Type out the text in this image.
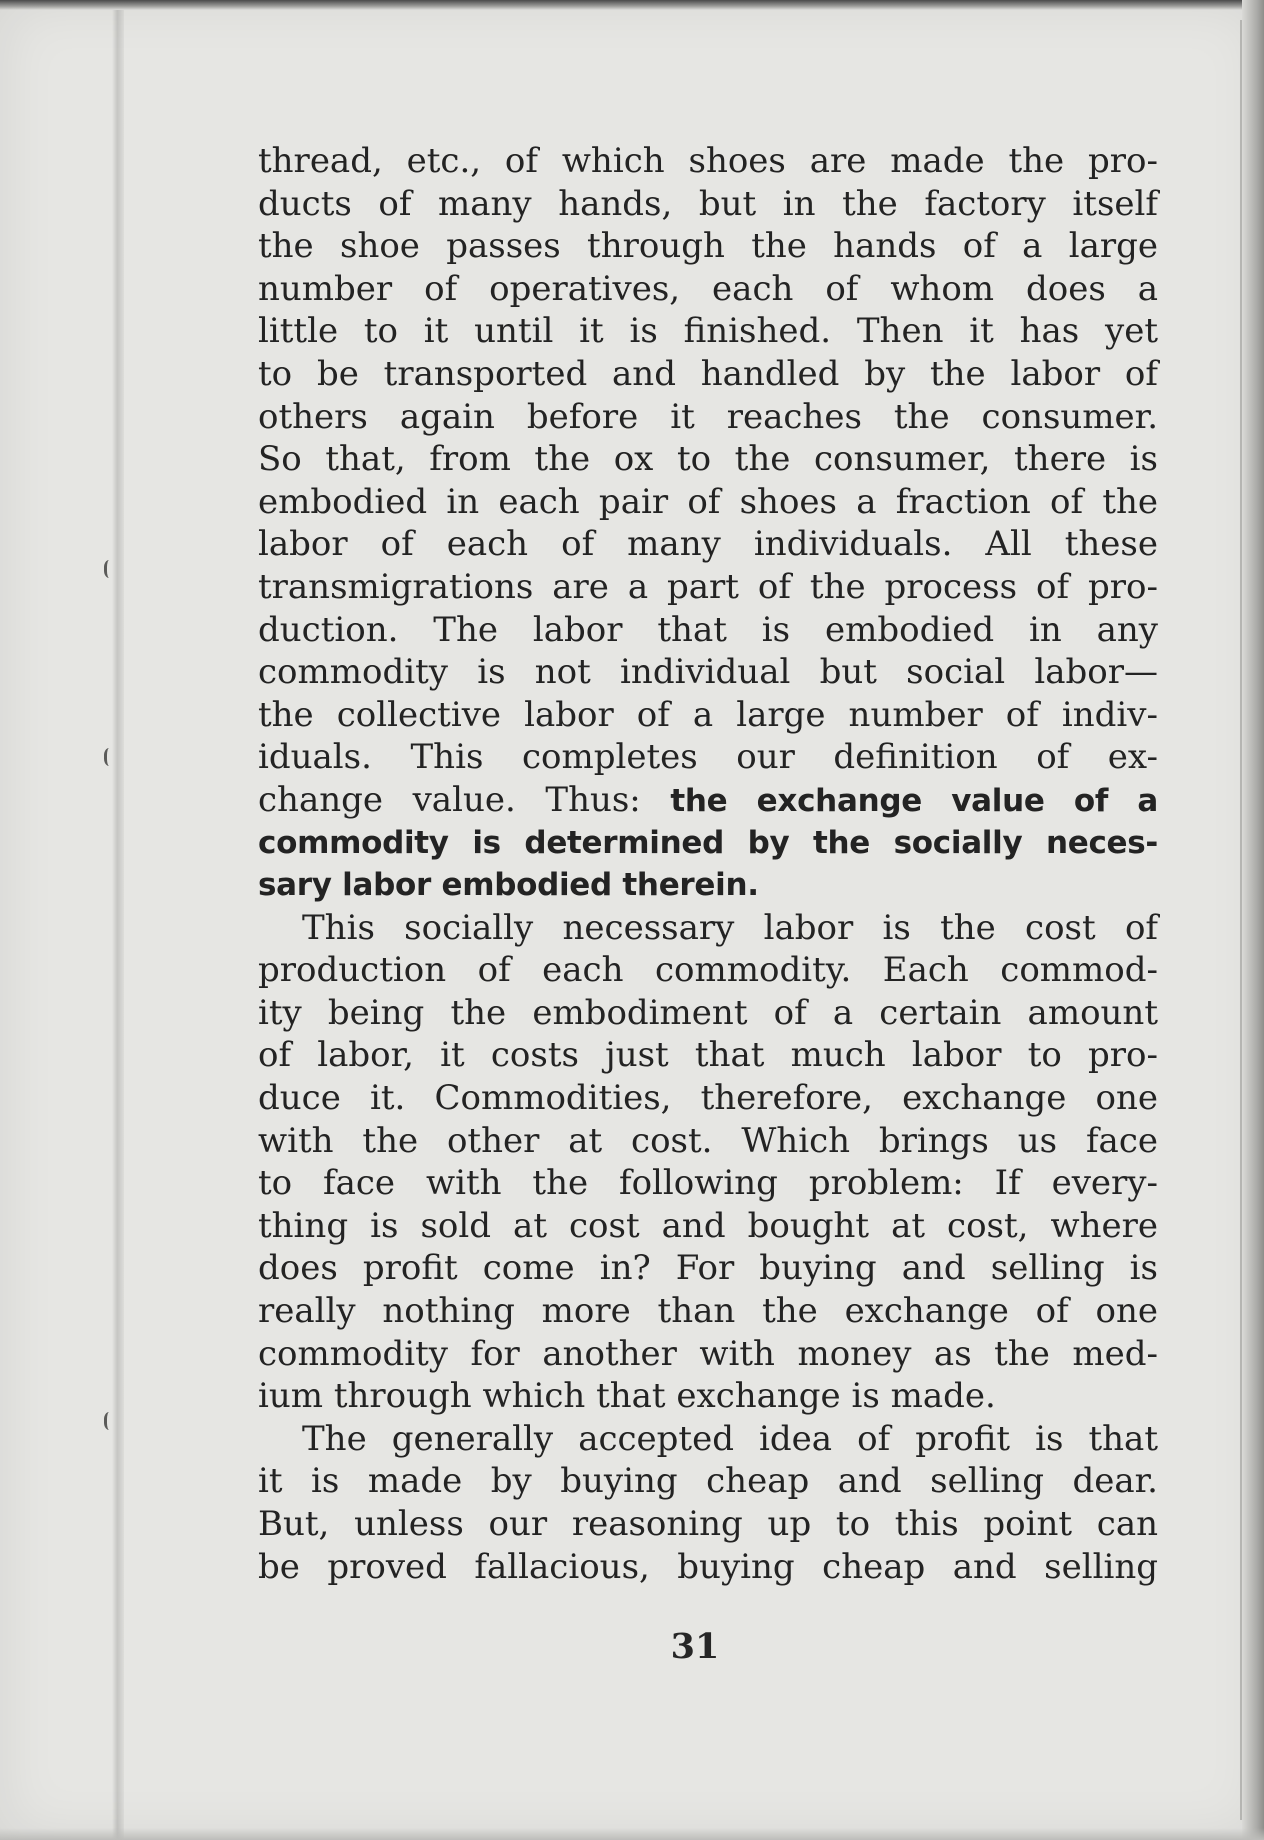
thread, etc., of which shoes are made the pro-
ducts of many hands, but in the factory itself
the shoe passes through the hands of a large
number of operatives, each of whom does a
little to it until it is finished. Then it has yet
to be transported and handled by the labor of
others again before it reaches the consumer.
So that, from the ox to the consumer, there is
embodied in each pair of shoes a fraction of the
labor of each of many individuals. All these
transmigrations are a part of the process of pro-
duction. The labor that is embodied in any
commodity is not individual but social labor—
the collective labor of a large number of indiv-
iduals. This completes our definition of ex-
change value. Thus: the exchange value of a
commodity is determined by the socially neces-
sary labor embodied therein.
This socially necessary labor is the cost of
production of each commodity. Each commod-
ity being the embodiment of a certain amount
of labor, it costs just that much labor to pro-
duce it. Commodities, therefore, exchange one
with the other at cost. Which brings us face
to face with the following problem: If every-
thing is sold at cost and bought at cost, where
does profit come in? For buying and selling is
really nothing more than the exchange of one
commodity for another with money as the med-
ium through which that exchange is made.
The generally accepted idea of profit is that
it is made by buying cheap and selling dear.
But, unless our reasoning up to this point can
be proved fallacious, buying cheap and selling
31
